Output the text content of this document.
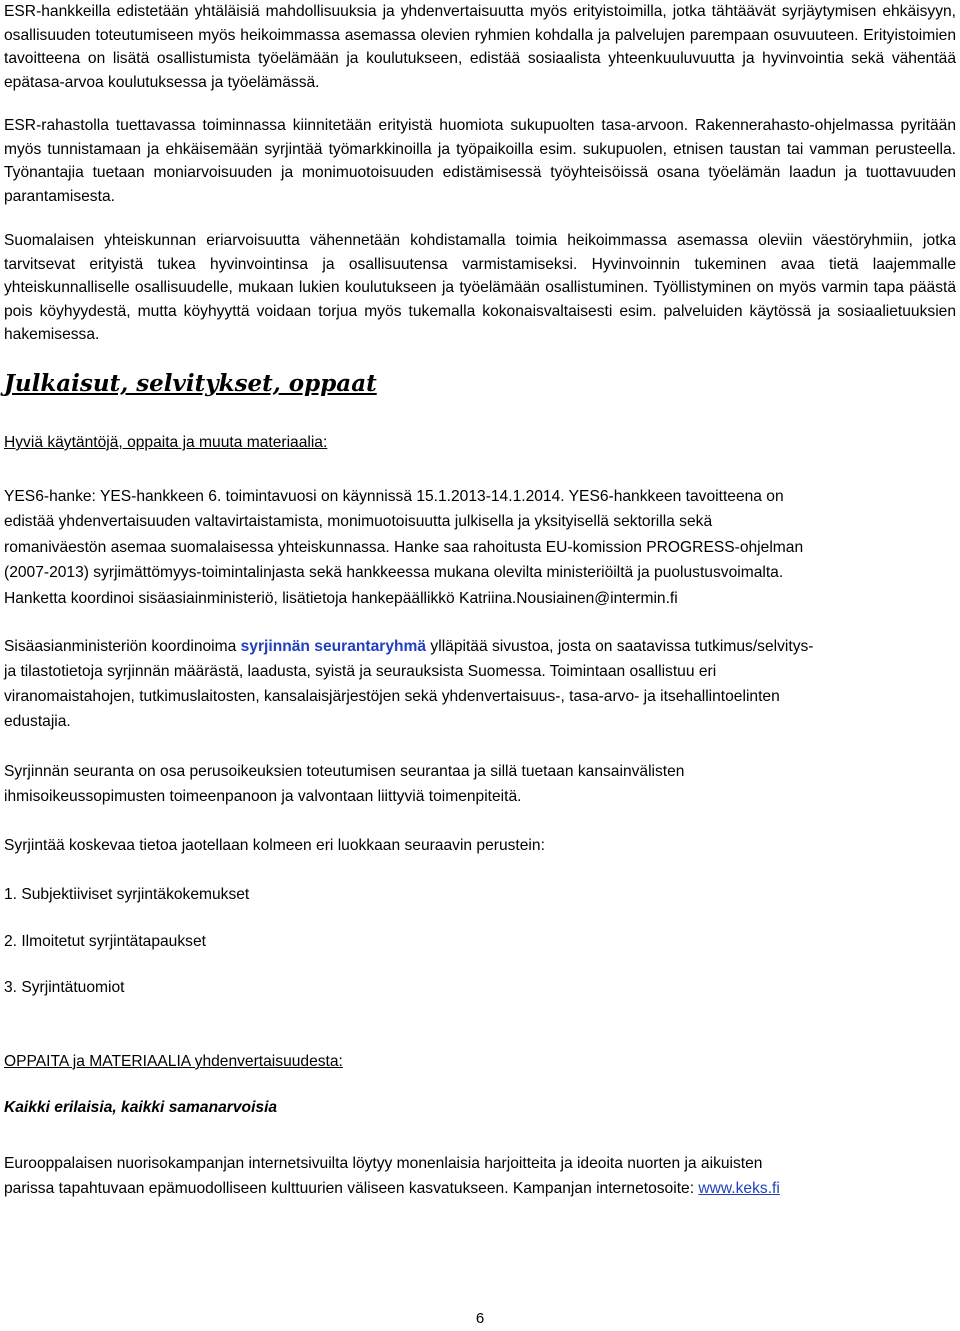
ESR-hankkeilla edistetään yhtäläisiä mahdollisuuksia ja yhdenvertaisuutta myös erityistoimilla, jotka tähtäävät syrjäytymisen ehkäisyyn, osallisuuden toteutumiseen myös heikoimmassa asemassa olevien ryhmien kohdalla ja palvelujen parempaan osuvuuteen. Erityistoimien tavoitteena on lisätä osallistumista työelämään ja koulutukseen, edistää sosiaalista yhteenkuuluvuutta ja hyvinvointia sekä vähentää epätasa-arvoa koulutuksessa ja työelämässä.

ESR-rahastolla tuettavassa toiminnassa kiinnitetään erityistä huomiota sukupuolten tasa-arvoon. Rakennerahasto-ohjelmassa pyritään myös tunnistamaan ja ehkäisemään syrjintää työmarkkinoilla ja työpaikoilla esim. sukupuolen, etnisen taustan tai vamman perusteella. Työnantajia tuetaan moniarvoisuuden ja monimuotoisuuden edistämisessä työyhteisöissä osana työelämän laadun ja tuottavuuden parantamisesta.

Suomalaisen yhteiskunnan eriarvoisuutta vähennetään kohdistamalla toimia heikoimmassa asemassa oleviin väestöryhmiin, jotka tarvitsevat erityistä tukea hyvinvointinsa ja osallisuutensa varmistamiseksi. Hyvinvoinnin tukeminen avaa tietä laajemmalle yhteiskunnalliselle osallisuudelle, mukaan lukien koulutukseen ja työelämään osallistuminen. Työllistyminen on myös varmin tapa päästä pois köyhyydestä, mutta köyhyyttä voidaan torjua myös tukemalla kokonaisvaltaisesti esim. palveluiden käytössä ja sosiaalietuuksien hakemisessa.

Julkaisut, selvitykset, oppaat

Hyviä käytäntöjä, oppaita ja muuta materiaalia:

YES6-hanke: YES-hankkeen 6. toimintavuosi on käynnissä 15.1.2013-14.1.2014. YES6-hankkeen tavoitteena on

edistää yhdenvertaisuuden valtavirtaistamista, monimuotoisuutta julkisella ja yksityisellä sektorilla sekä

romaniväestön asemaa suomalaisessa yhteiskunnassa. Hanke saa rahoitusta EU-komission PROGRESS-ohjelman

(2007-2013) syrjimättömyys-toimintalinjasta sekä hankkeessa mukana olevilta ministeriöiltä ja puolustusvoimalta.

Hanketta koordinoi sisäasiainministeriö, lisätietoja hankepäällikkö Katriina.Nousiainen@intermin.fi

Sisäasianministeriön koordinoima syrjinnän seurantaryhmä ylläpitää sivustoa, josta on saatavissa tutkimus/selvitys-

ja tilastotietoja syrjinnän määrästä, laadusta, syistä ja seurauksista Suomessa. Toimintaan osallistuu eri

viranomaistahojen, tutkimuslaitosten, kansalaisjärjestöjen sekä yhdenvertaisuus-, tasa-arvo- ja itsehallintoelinten

edustajia.

Syrjinnän seuranta on osa perusoikeuksien toteutumisen seurantaa ja sillä tuetaan kansainvälisten

ihmisoikeussopimusten toimeenpanoon ja valvontaan liittyviä toimenpiteitä.

Syrjintää koskevaa tietoa jaotellaan kolmeen eri luokkaan seuraavin perustein:

1. Subjektiiviset syrjintäkokemukset

2. Ilmoitetut syrjintätapaukset

3. Syrjintätuomiot

OPPAITA ja MATERIAALIA yhdenvertaisuudesta:

Kaikki erilaisia, kaikki samanarvoisia

Eurooppalaisen nuorisokampanjan internetsivuilta löytyy monenlaisia harjoitteita ja ideoita nuorten ja aikuisten

parissa tapahtuvaan epämuodolliseen kulttuurien väliseen kasvatukseen. Kampanjan internetosoite: www.keks.fi

6
